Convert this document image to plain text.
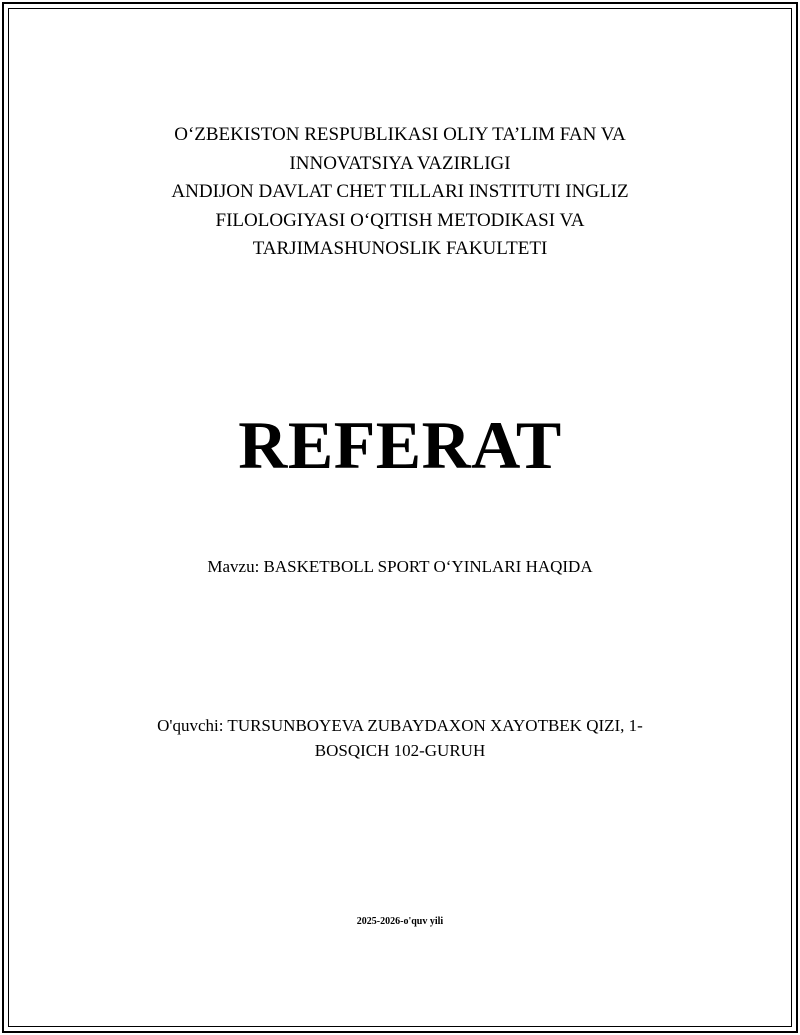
O‘ZBEKISTON RESPUBLIKASI OLIY TA’LIM FAN VA
INNOVATSIYA VAZIRLIGI
ANDIJON DAVLAT CHET TILLARI INSTITUTI INGLIZ
FILOLOGIYASI O‘QITISH METODIKASI VA
TARJIMASHUNOSLIK FAKULTETI
REFERAT
Mavzu: BASKETBOLL SPORT O‘YINLARI HAQIDA
O'quvchi: TURSUNBOYEVA ZUBAYDAXON XAYOTBEK QIZI, 1-
BOSQICH 102-GURUH
2025-2026-o'quv yili
